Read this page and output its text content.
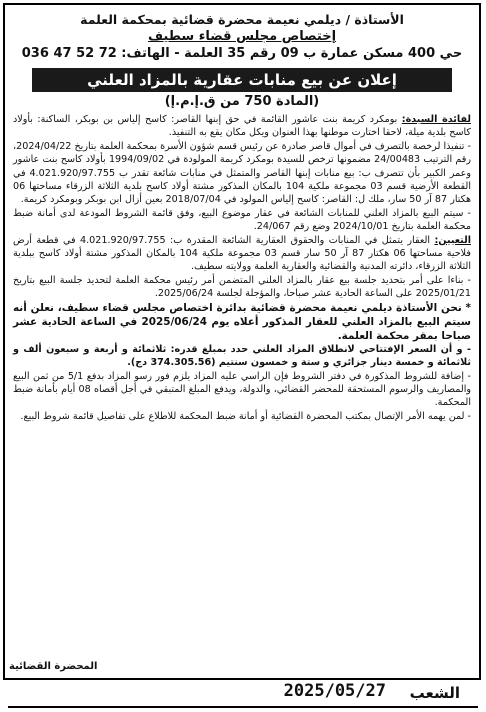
الأستاذة / ديلمي نعيمة محضرة قضائية بمحكمة العلمة
إختصاص مجلس قضاء سطيف
حي 400 مسكن عمارة ب 09 رقم 35 العلمة - الهاتف: 72 52 47 036
إعلان عن بيع منابات عقارية بالمزاد العلني
(المادة 750 من ق.إ.م.إ)

لفائدة السيدة: بومكرد كريمة بنت عاشور القائمة في حق إبنها القاصر: كاسح إلياس بن بوبكر، الساكنة: بأولاد كاسح بلدية ميلة، لاحقا اختارت موطنها بهذا العنوان ويكل مكان يقع به التنفيذ.

- تنفيذا لرخصة بالتصرف في أموال قاصر صادرة عن رئيس قسم شؤون الأسرة بمحكمة العلمة بتاريخ 2024/04/22، رقم الترتيب 24/00483 مضمونها ترخص للسيدة بومكرد كريمة المولودة في 1994/09/02 بأولاد كاسح بنت عاشور وعمر الكبير بأن تتصرف ب: بيع منابات إبنها القاصر والمتمثل في منابات شائعة تقدر ب 4.021.920/97.755 في القطعة الأرضية قسم 03 مجموعة ملكية 104 بالمكان المذكور مشتة أولاد كاسح بلدية الثلاثة الزرقاء مساحتها 06 هكتار 87 آر 50 سار، ملك ل: القاصر: كاسح إلياس المولود في 2018/07/04 بعين أزال ابن بوبكر وبومكرد كريمة.

- سيتم البيع بالمزاد العلني للمنابات الشائعة في عقار موضوع البيع، وفق قائمة الشروط المودعة لدى أمانة ضبط محكمة العلمة بتاريخ 2024/10/01 وضع رقم 24/067.

التعيين: العقار يتمثل في المنابات والحقوق العقارية الشائعة المقدرة ب: 4.021.920/97.755 في قطعة أرض فلاحية مساحتها 06 هكتار 87 آر 50 سار قسم 03 مجموعة ملكية 104 بالمكان المذكور مشتة أولاد كاسح ببلدية الثلاثة الزرقاء، دائرته المدنية والقضائية والعقارية العلمة وولايته سطيف.

- بناءا على أمر بتحديد جلسة بيع عقار بالمزاد العلني المتضمن أمر رئيس محكمة العلمة لتحديد جلسة البيع بتاريخ 2025/01/21 على الساعة الحادية عشر صباحا، والمؤجلة لجلسة 2025/06/24.

* نحن الأستاذة ديلمي نعيمة محضرة قضائية بدائرة اختصاص مجلس قضاء سطيف، نعلن أنه سيتم البيع بالمزاد العلني للعقار المذكور أعلاه يوم 2025/06/24 في الساعة الحادية عشر صباحا بمقر محكمة العلمة.

- و أن السعر الإفتتاحي لانطلاق المزاد العلني حدد بمبلغ قدره: ثلاثمائة و أربعة و سبعون ألف و ثلاثمائة و خمسة دينار جزائري و ستة و خمسون سنتيم (374.305.56 دج).

- إضافة للشروط المذكورة في دفتر الشروط فإن الراسي عليه المزاد يلزم فور رسو المزاد بدفع 5/1 من ثمن البيع والمصاريف والرسوم المستحقة للمحضر القضائي، والدولة، ويدفع المبلغ المتبقي في أجل أقصاه 08 أيام بأمانة ضبط المحكمة.

- لمن يهمه الأمر الإتصال بمكتب المحضرة القضائية أو أمانة ضبط المحكمة للاطلاع على تفاصيل قائمة شروط البيع.

المحضرة القضائية
الشعب
2025/05/27
